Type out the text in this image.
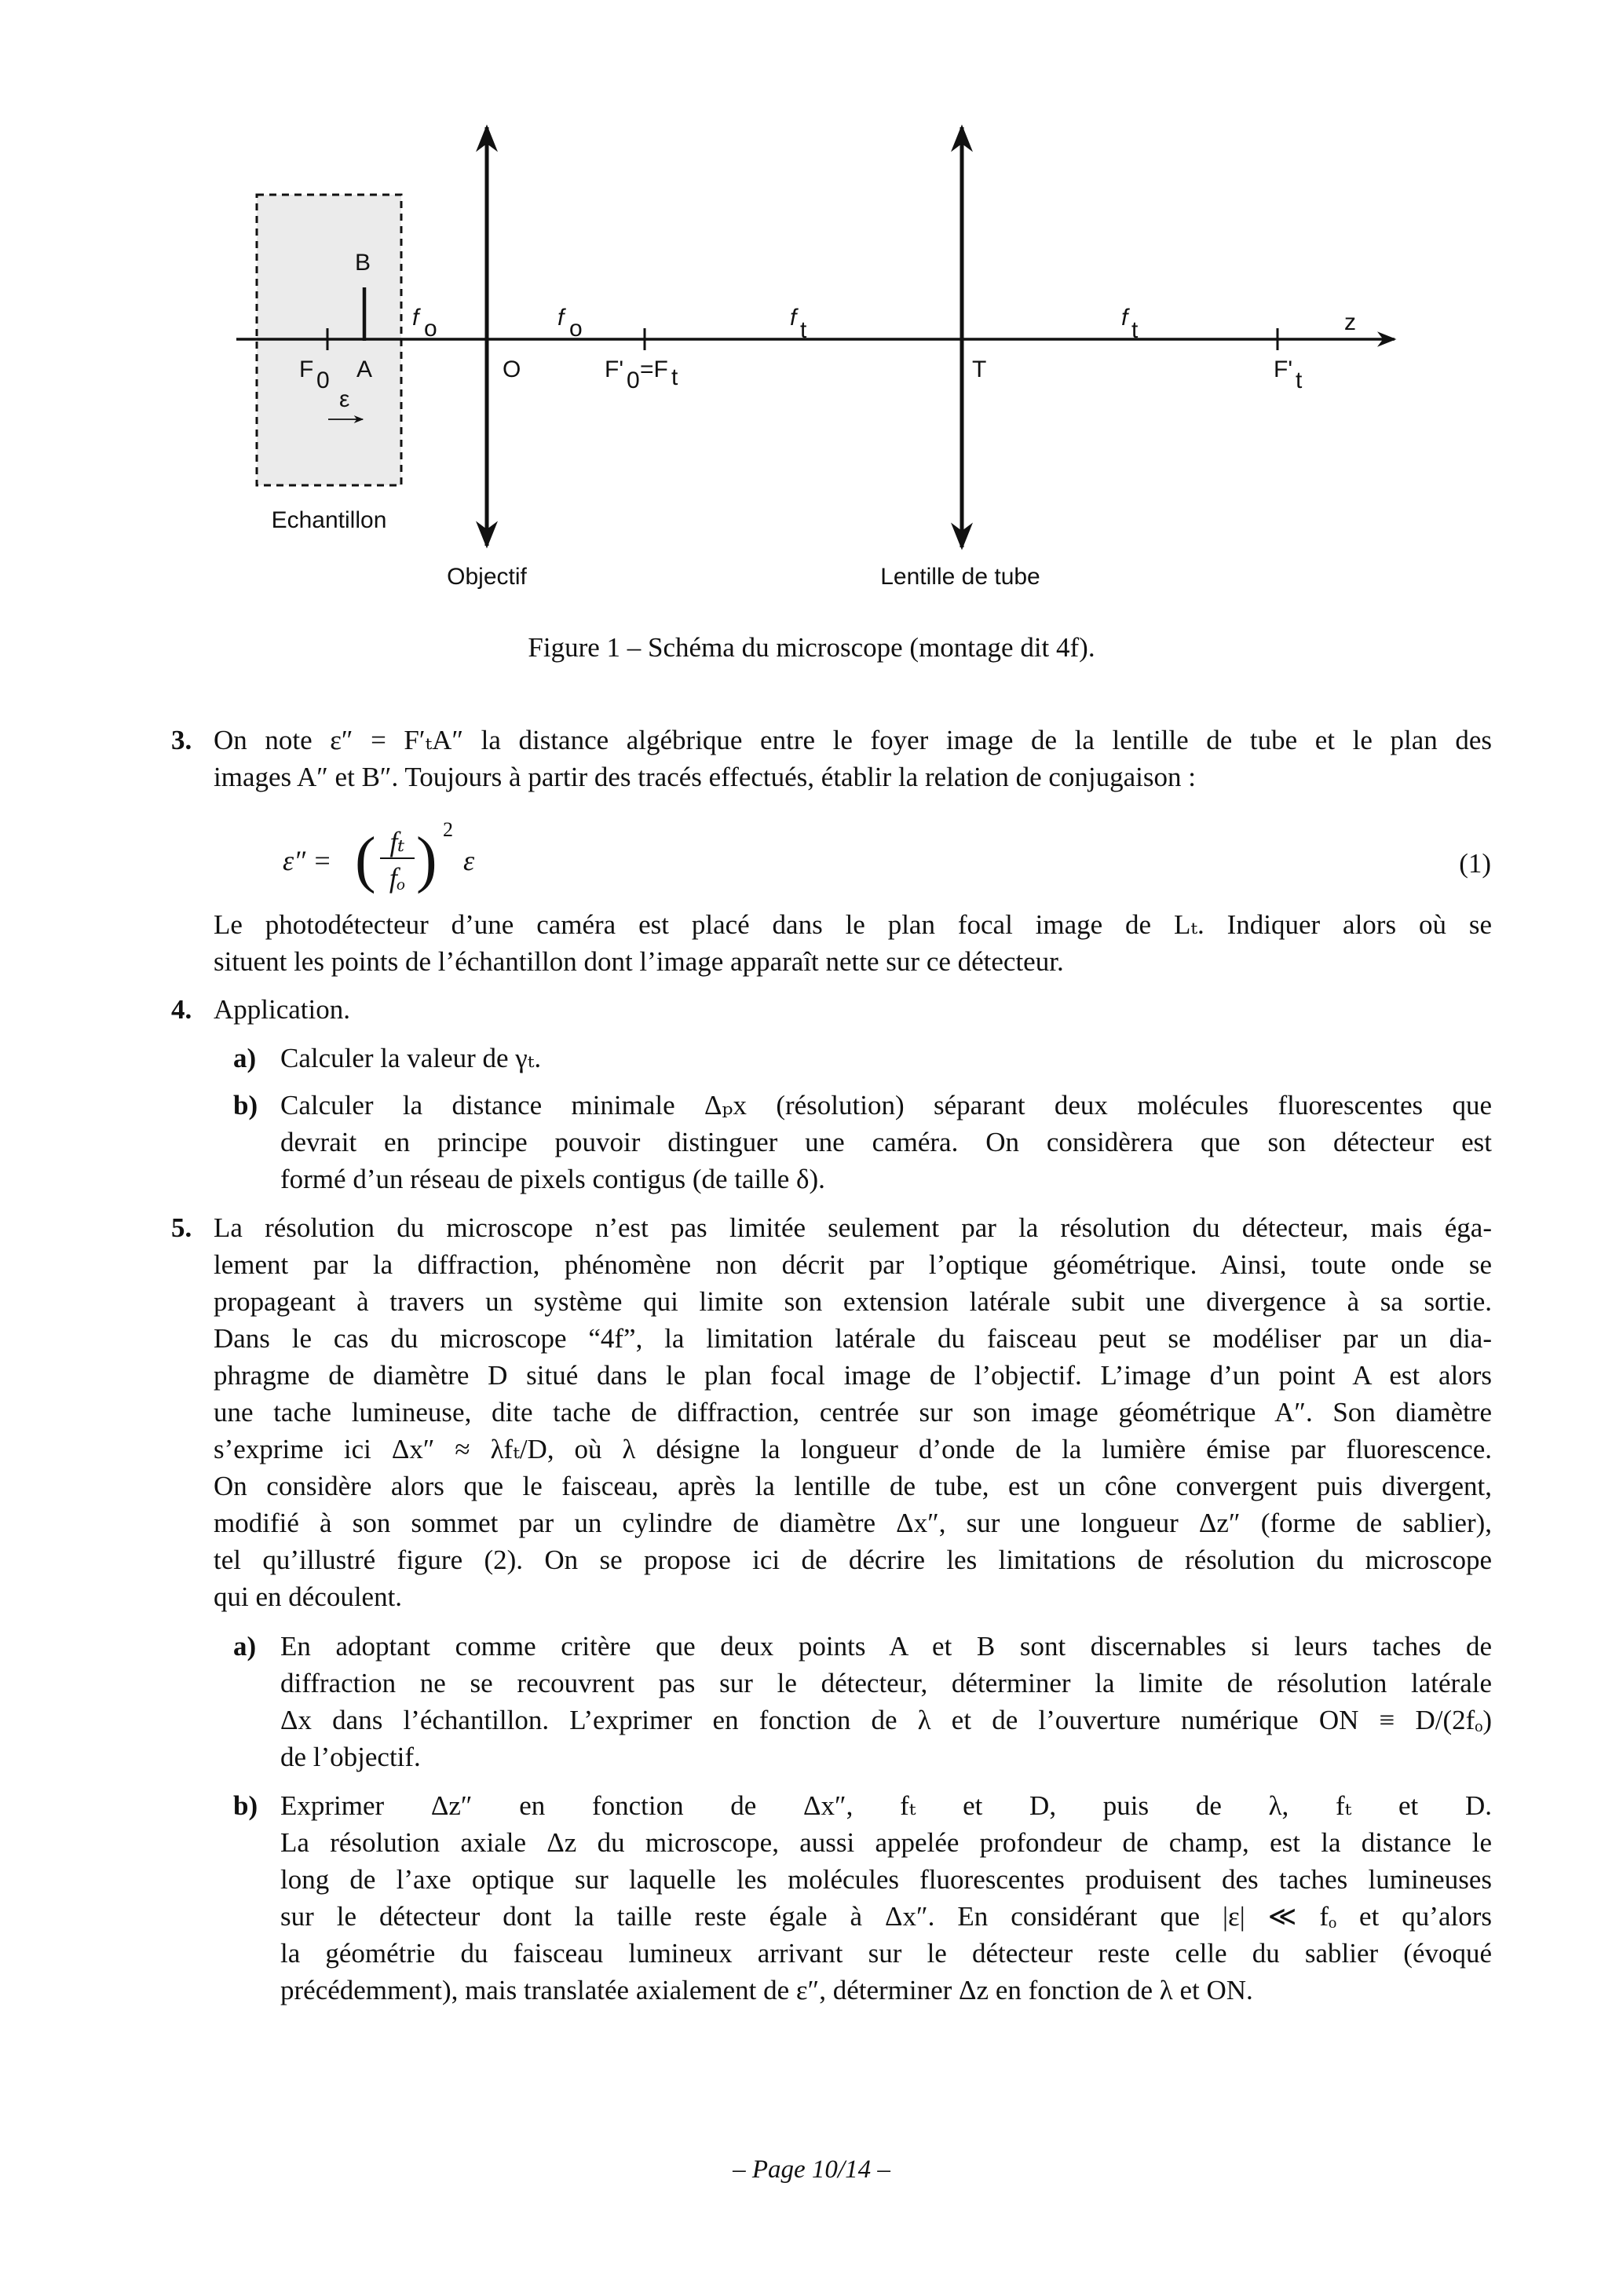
B
f o	f o	f t	f t	z
F 0 A
ε
O	F' 0 =F t	T	F' t
Echantillon
Objectif	Lentille de tube
Figure 1 – Schéma du microscope (montage dit 4f).
3. On note ε″ = F′ₜA″ la distance algébrique entre le foyer image de la lentille de tube et le plan des
images A″ et B″. Toujours à partir des tracés effectués, établir la relation de conjugaison :
Le photodétecteur d’une caméra est placé dans le plan focal image de Lₜ. Indiquer alors où se
situent les points de l’échantillon dont l’image apparaît nette sur ce détecteur.
4. Application.
a) Calculer la valeur de γₜ.
b) Calculer la distance minimale Δₚx (résolution) séparant deux molécules fluorescentes que
devrait en principe pouvoir distinguer une caméra. On considèrera que son détecteur est
formé d’un réseau de pixels contigus (de taille δ).
5. La résolution du microscope n’est pas limitée seulement par la résolution du détecteur, mais éga-
lement par la diffraction, phénomène non décrit par l’optique géométrique. Ainsi, toute onde se
propageant à travers un système qui limite son extension latérale subit une divergence à sa sortie.
Dans le cas du microscope “4f”, la limitation latérale du faisceau peut se modéliser par un dia-
phragme de diamètre D situé dans le plan focal image de l’objectif. L’image d’un point A est alors
une tache lumineuse, dite tache de diffraction, centrée sur son image géométrique A″. Son diamètre
s’exprime ici Δx″ ≈ λfₜ/D, où λ désigne la longueur d’onde de la lumière émise par fluorescence.
On considère alors que le faisceau, après la lentille de tube, est un cône convergent puis divergent,
modifié à son sommet par un cylindre de diamètre Δx″, sur une longueur Δz″ (forme de sablier),
tel qu’illustré figure (2). On se propose ici de décrire les limitations de résolution du microscope
qui en découlent.
a) En adoptant comme critère que deux points A et B sont discernables si leurs taches de
diffraction ne se recouvrent pas sur le détecteur, déterminer la limite de résolution latérale
Δx dans l’échantillon. L’exprimer en fonction de λ et de l’ouverture numérique ON ≡ D/(2fₒ)
de l’objectif.
b) Exprimer Δz″ en fonction de Δx″, fₜ et D, puis de λ, fₜ et D.
La résolution axiale Δz du microscope, aussi appelée profondeur de champ, est la distance le
long de l’axe optique sur laquelle les molécules fluorescentes produisent des taches lumineuses
sur le détecteur dont la taille reste égale à Δx″. En considérant que |ε| ≪ fₒ et qu’alors
la géométrie du faisceau lumineux arrivant sur le détecteur reste celle du sablier (évoqué
précédemment), mais translatée axialement de ε″, déterminer Δz en fonction de λ et ON.
ε″ = ( fₜ
fₒ ) 2
ε	(1)
– Page 10/14 –
